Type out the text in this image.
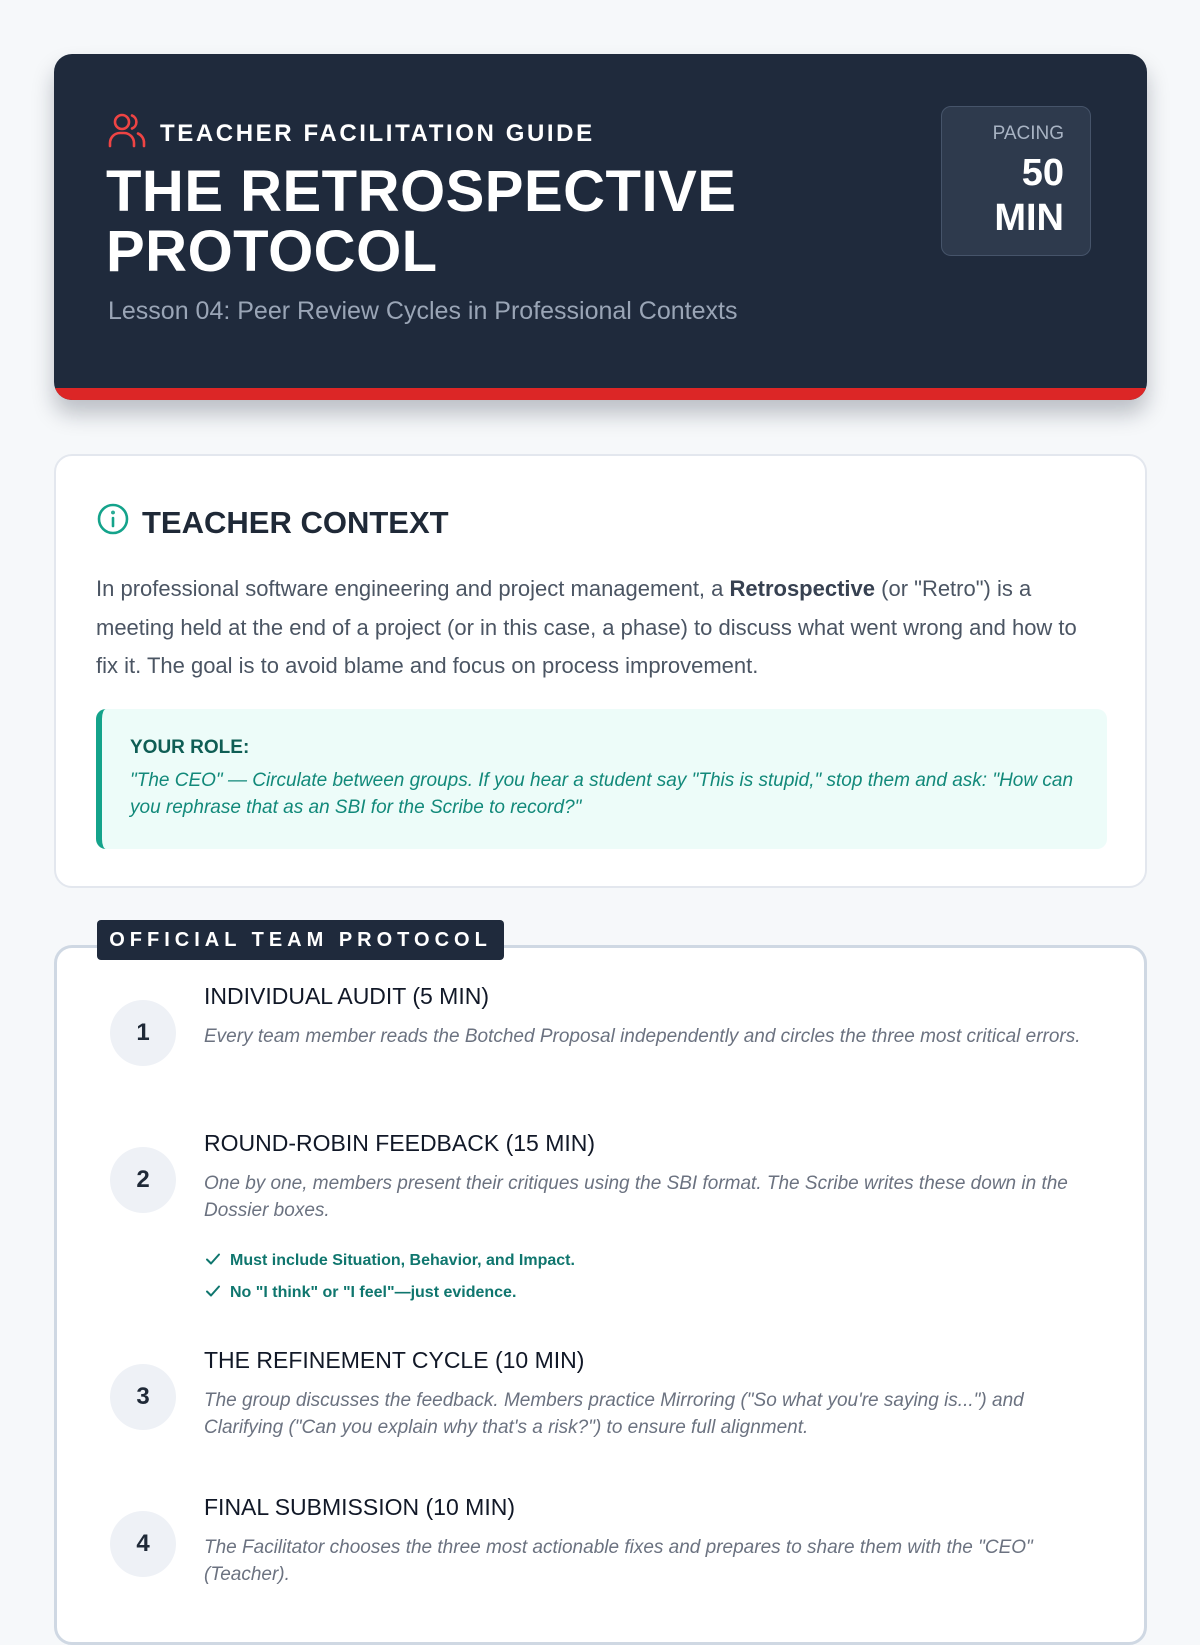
TEACHER FACILITATION GUIDE
THE RETROSPECTIVE
PROTOCOL
Lesson 04: Peer Review Cycles in Professional Contexts
PACING
50
MIN
TEACHER CONTEXT
In professional software engineering and project management, a Retrospective (or "Retro") is a meeting held at the end of a project (or in this case, a phase) to discuss what went wrong and how to fix it. The goal is to avoid blame and focus on process improvement.
YOUR ROLE:
"The CEO" — Circulate between groups. If you hear a student say "This is stupid," stop them and ask: "How can you rephrase that as an SBI for the Scribe to record?"
OFFICIAL TEAM PROTOCOL
1
INDIVIDUAL AUDIT (5 MIN)
Every team member reads the Botched Proposal independently and circles the three most critical errors.
2
ROUND-ROBIN FEEDBACK (15 MIN)
One by one, members present their critiques using the SBI format. The Scribe writes these down in the Dossier boxes.
Must include Situation, Behavior, and Impact.
No "I think" or "I feel"—just evidence.
3
THE REFINEMENT CYCLE (10 MIN)
The group discusses the feedback. Members practice Mirroring ("So what you're saying is...") and Clarifying ("Can you explain why that's a risk?") to ensure full alignment.
4
FINAL SUBMISSION (10 MIN)
The Facilitator chooses the three most actionable fixes and prepares to share them with the "CEO" (Teacher).
